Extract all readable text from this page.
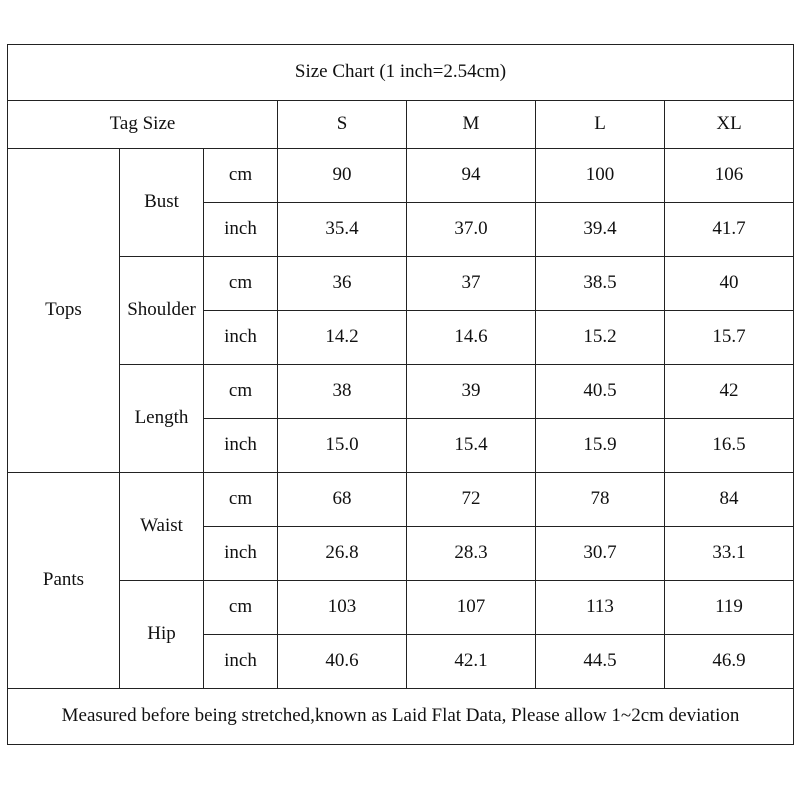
Size Chart (1 inch=2.54cm)						
Tag Size			S	M	L	XL
Tops	Bust	cm	90	94	100	106
		inch	35.4	37.0	39.4	41.7
	Shoulder	cm	36	37	38.5	40
		inch	14.2	14.6	15.2	15.7
	Length	cm	38	39	40.5	42
		inch	15.0	15.4	15.9	16.5
Pants	Waist	cm	68	72	78	84
		inch	26.8	28.3	30.7	33.1
	Hip	cm	103	107	113	119
		inch	40.6	42.1	44.5	46.9
Measured before being stretched,known as Laid Flat Data, Please allow 1~2cm deviation						
